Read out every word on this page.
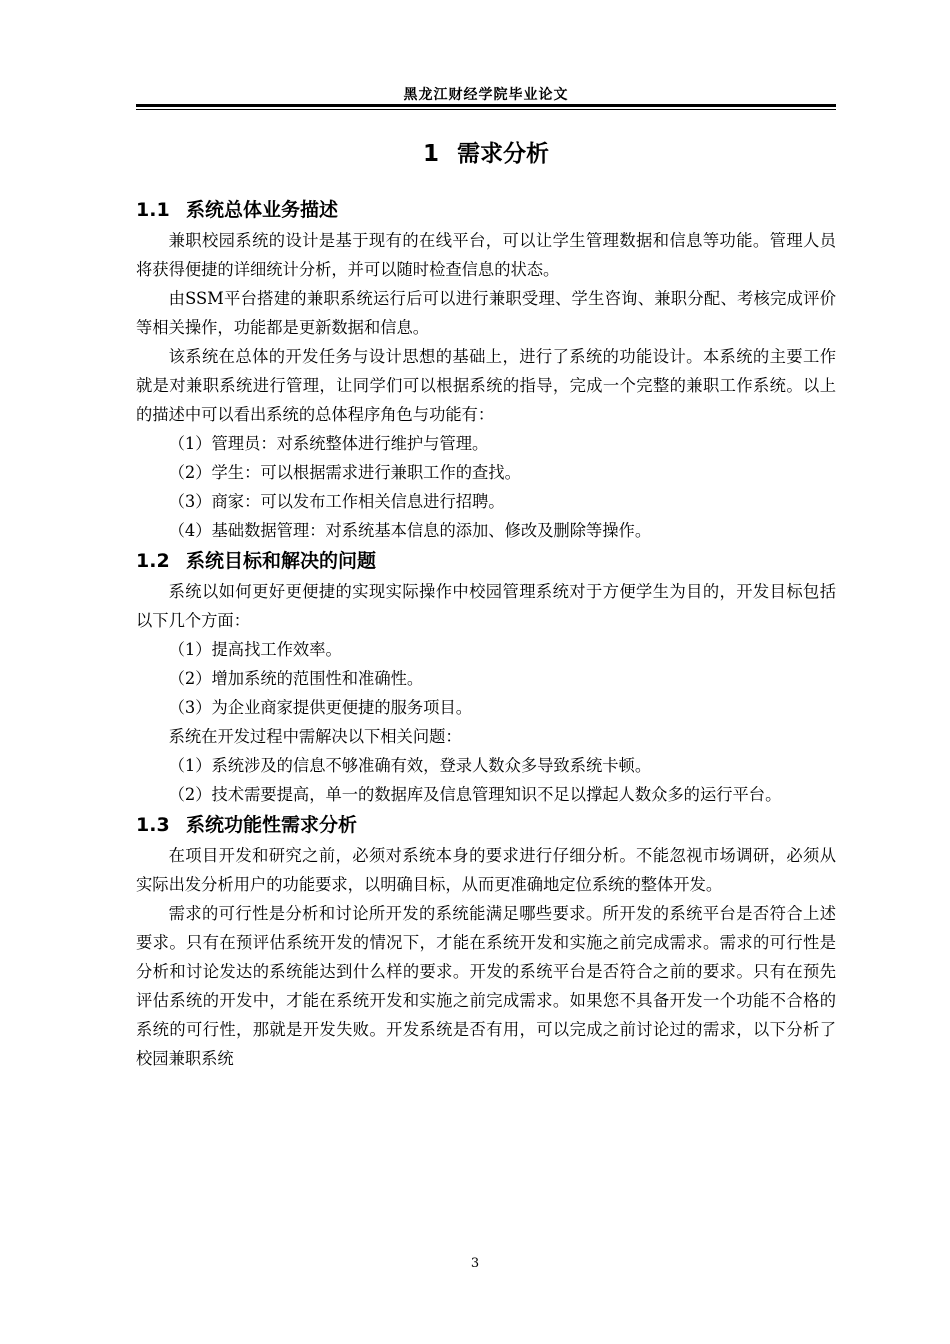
黑龙江财经学院毕业论文
1 需求分析
1.1 系统总体业务描述

兼职校园系统的设计是基于现有的在线平台，可以让学生管理数据和信息等功能。管理人员将获得便捷的详细统计分析，并可以随时检查信息的状态。

由SSM平台搭建的兼职系统运行后可以进行兼职受理、学生咨询、兼职分配、考核完成评价等相关操作，功能都是更新数据和信息。

该系统在总体的开发任务与设计思想的基础上，进行了系统的功能设计。本系统的主要工作就是对兼职系统进行管理，让同学们可以根据系统的指导，完成一个完整的兼职工作系统。以上的描述中可以看出系统的总体程序角色与功能有：

（1）管理员：对系统整体进行维护与管理。

（2）学生：可以根据需求进行兼职工作的查找。

（3）商家：可以发布工作相关信息进行招聘。

（4）基础数据管理：对系统基本信息的添加、修改及删除等操作。

1.2 系统目标和解决的问题

系统以如何更好更便捷的实现实际操作中校园管理系统对于方便学生为目的，开发目标包括以下几个方面：

（1）提高找工作效率。

（2）增加系统的范围性和准确性。

（3）为企业商家提供更便捷的服务项目。

系统在开发过程中需解决以下相关问题：

（1）系统涉及的信息不够准确有效，登录人数众多导致系统卡顿。

（2）技术需要提高，单一的数据库及信息管理知识不足以撑起人数众多的运行平台。

1.3 系统功能性需求分析

在项目开发和研究之前，必须对系统本身的要求进行仔细分析。不能忽视市场调研，必须从实际出发分析用户的功能要求，以明确目标，从而更准确地定位系统的整体开发。

需求的可行性是分析和讨论所开发的系统能满足哪些要求。所开发的系统平台是否符合上述要求。只有在预评估系统开发的情况下，才能在系统开发和实施之前完成需求。需求的可行性是分析和讨论发达的系统能达到什么样的要求。开发的系统平台是否符合之前的要求。只有在预先评估系统的开发中，才能在系统开发和实施之前完成需求。如果您不具备开发一个功能不合格的系统的可行性，那就是开发失败。开发系统是否有用，可以完成之前讨论过的需求，以下分析了校园兼职系统

3
